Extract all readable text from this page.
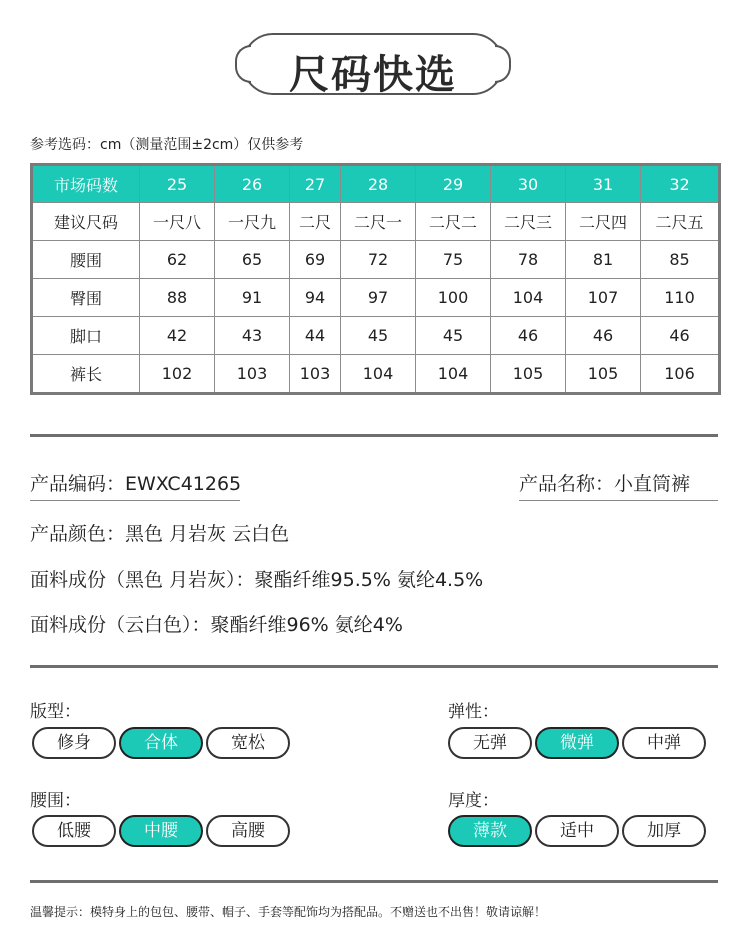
尺码快选
参考选码：cm（测量范围±2cm）仅供参考
市场码数	25	26	27	28	29	30	31	32
建议尺码	一尺八	一尺九	二尺	二尺一	二尺二	二尺三	二尺四	二尺五
腰围	62	65	69	72	75	78	81	85
臀围	88	91	94	97	100	104	107	110
脚口	42	43	44	45	45	46	46	46
裤长	102	103	103	104	104	105	105	106
产品编码：EWXC41265	产品名称：小直筒裤
产品颜色：黑色 月岩灰 云白色
面料成份（黑色 月岩灰）：聚酯纤维95.5% 氨纶4.5%
面料成份（云白色）：聚酯纤维96% 氨纶4%
版型：
修身	合体	宽松
弹性：
无弹	微弹	中弹
腰围：
低腰	中腰	高腰
厚度：
薄款	适中	加厚
温馨提示：模特身上的包包、腰带、帽子、手套等配饰均为搭配品。不赠送也不出售！敬请谅解！
